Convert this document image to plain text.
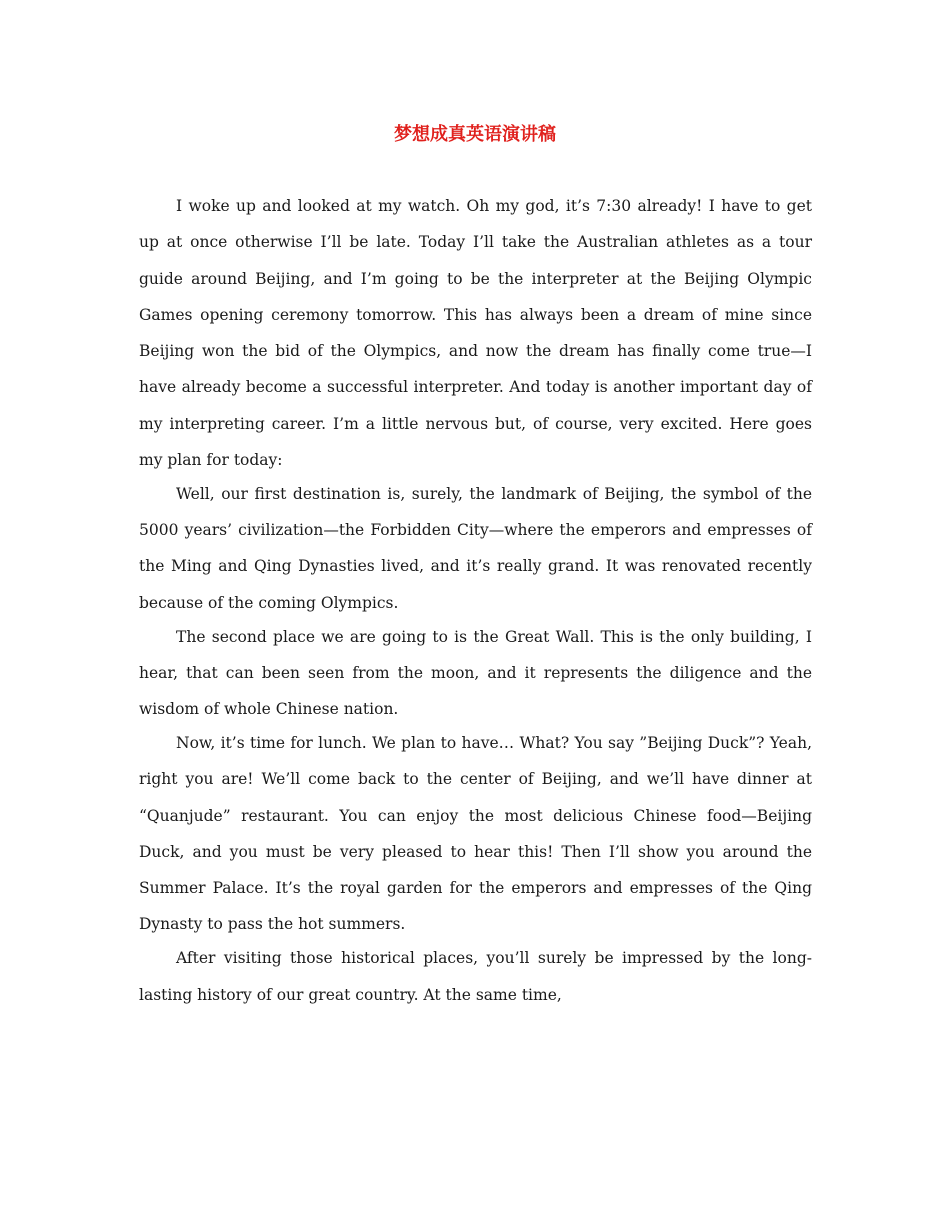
梦想成真英语演讲稿

I woke up and looked at my watch. Oh my god, it’s 7:30 already! I have to get up at once otherwise I’ll be late. Today I’ll take the Australian athletes as a tour guide around Beijing, and I’m going to be the interpreter at the Beijing Olympic Games opening ceremony tomorrow. This has always been a dream of mine since Beijing won the bid of the Olympics, and now the dream has finally come true—I have already become a successful interpreter. And today is another important day of my interpreting career. I’m a little nervous but, of course, very excited. Here goes my plan for today:

Well, our first destination is, surely, the landmark of Beijing, the symbol of the 5000 years’ civilization—the Forbidden City—where the emperors and empresses of the Ming and Qing Dynasties lived, and it’s really grand. It was renovated recently because of the coming Olympics.

The second place we are going to is the Great Wall. This is the only building, I hear, that can been seen from the moon, and it represents the diligence and the wisdom of whole Chinese nation.

Now, it’s time for lunch. We plan to have… What? You say ”Beijing Duck”? Yeah, right you are! We’ll come back to the center of Beijing, and we’ll have dinner at “Quanjude” restaurant. You can enjoy the most delicious Chinese food—Beijing Duck, and you must be very pleased to hear this! Then I’ll show you around the Summer Palace. It’s the royal garden for the emperors and empresses of the Qing Dynasty to pass the hot summers.

After visiting those historical places, you’ll surely be impressed by the long-lasting history of our great country. At the same time,
